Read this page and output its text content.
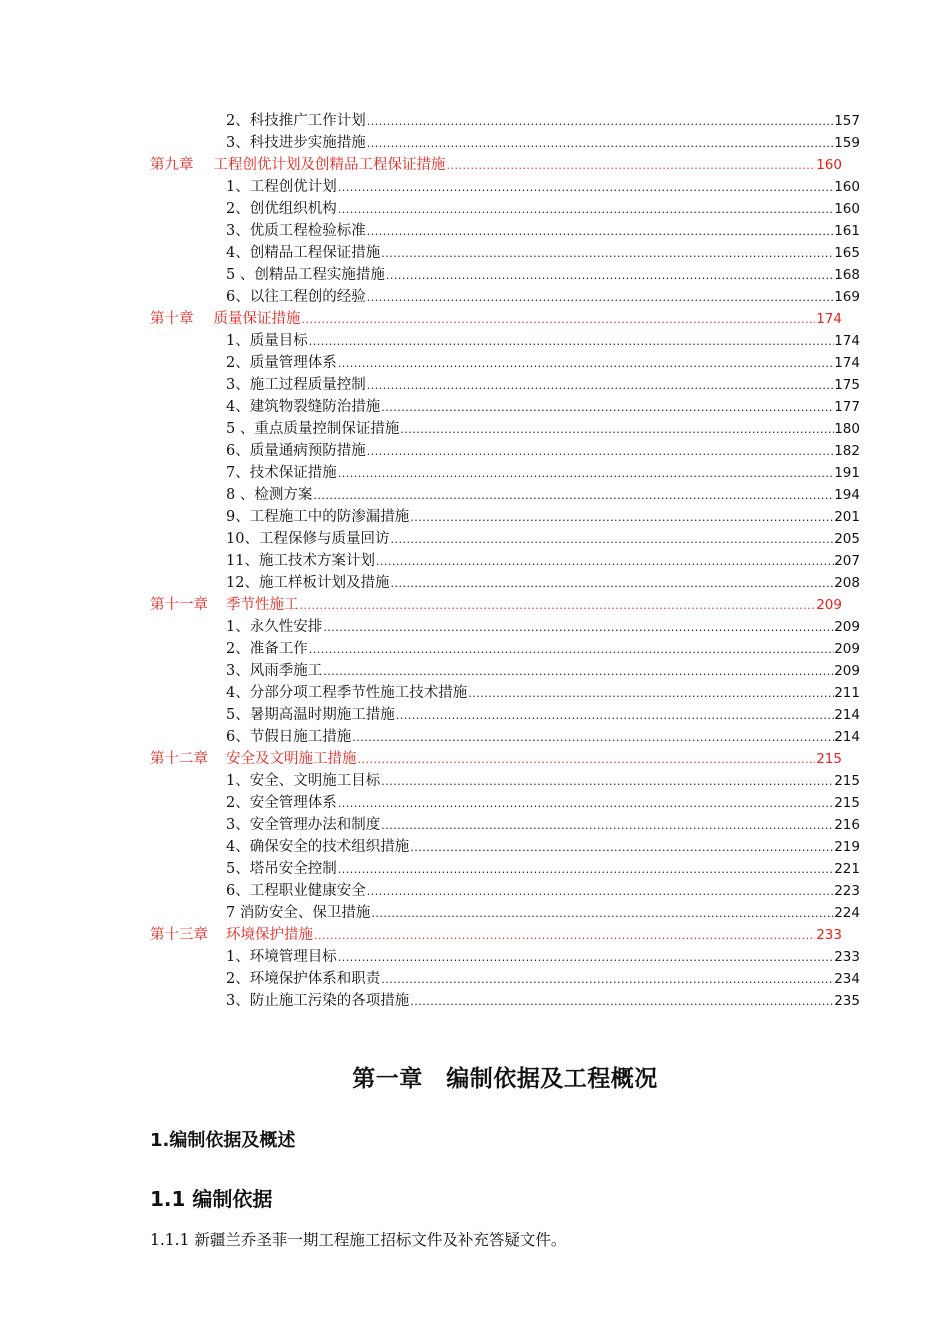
2、科技推广工作计划 .....	157
3、科技进步实施措施 .....	159
第九章 工程创优计划及创精品工程保证措施 .....	160
1、工程创优计划 .....	160
2、创优组织机构 .....	160
3、优质工程检验标准 .....	161
4、创精品工程保证措施 .....	165
5 、创精品工程实施措施 .....	168
6、以往工程创的经验 .....	169
第十章 质量保证措施 .....	174
1、质量目标 .....	174
2、质量管理体系 .....	174
3、施工过程质量控制 .....	175
4、建筑物裂缝防治措施 .....	177
5 、重点质量控制保证措施 .....	180
6、质量通病预防措施 .....	182
7、技术保证措施 .....	191
8 、检测方案 .....	194
9、工程施工中的防渗漏措施 .....	201
10、工程保修与质量回访 .....	205
11、施工技术方案计划 .....	207
12、施工样板计划及措施 .....	208
第十一章 季节性施工 .....	209
1、永久性安排 .....	209
2、准备工作 .....	209
3、风雨季施工 .....	209
4、分部分项工程季节性施工技术措施 .....	211
5、暑期高温时期施工措施 .....	214
6、节假日施工措施 .....	214
第十二章 安全及文明施工措施 .....	215
1、安全、文明施工目标 .....	215
2、安全管理体系 .....	215
3、安全管理办法和制度 .....	216
4、确保安全的技术组织措施 .....	219
5、塔吊安全控制 .....	221
6、工程职业健康安全 .....	223
7 消防安全、保卫措施 .....	224
第十三章 环境保护措施 .....	233
1、环境管理目标 .....	233
2、环境保护体系和职责 .....	234
3、防止施工污染的各项措施 .....	235
第一章　编制依据及工程概况
1.编制依据及概述
1.1 编制依据
1.1.1 新疆兰乔圣菲一期工程施工招标文件及补充答疑文件。
